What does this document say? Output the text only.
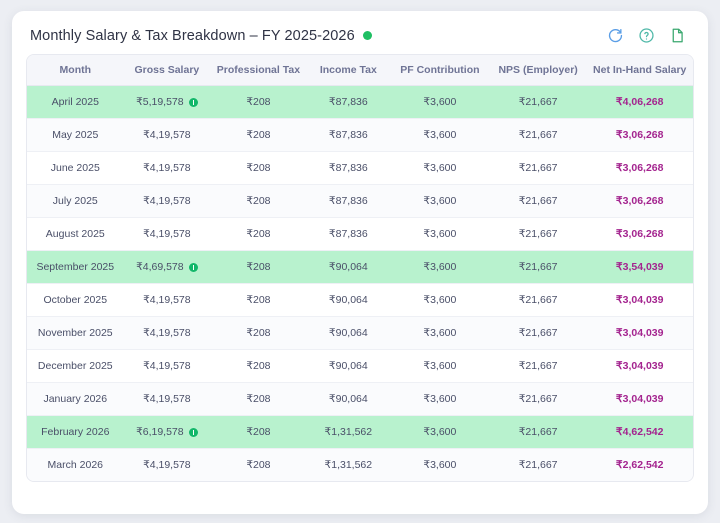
Monthly Salary & Tax Breakdown – FY 2025-2026
Month	Gross Salary	Professional Tax	Income Tax	PF Contribution	NPS (Employer)	Net In-Hand Salary
April 2025	₹5,19,578	₹208	₹87,836	₹3,600	₹21,667	₹4,06,268
May 2025	₹4,19,578	₹208	₹87,836	₹3,600	₹21,667	₹3,06,268
June 2025	₹4,19,578	₹208	₹87,836	₹3,600	₹21,667	₹3,06,268
July 2025	₹4,19,578	₹208	₹87,836	₹3,600	₹21,667	₹3,06,268
August 2025	₹4,19,578	₹208	₹87,836	₹3,600	₹21,667	₹3,06,268
September 2025	₹4,69,578	₹208	₹90,064	₹3,600	₹21,667	₹3,54,039
October 2025	₹4,19,578	₹208	₹90,064	₹3,600	₹21,667	₹3,04,039
November 2025	₹4,19,578	₹208	₹90,064	₹3,600	₹21,667	₹3,04,039
December 2025	₹4,19,578	₹208	₹90,064	₹3,600	₹21,667	₹3,04,039
January 2026	₹4,19,578	₹208	₹90,064	₹3,600	₹21,667	₹3,04,039
February 2026	₹6,19,578	₹208	₹1,31,562	₹3,600	₹21,667	₹4,62,542
March 2026	₹4,19,578	₹208	₹1,31,562	₹3,600	₹21,667	₹2,62,542
